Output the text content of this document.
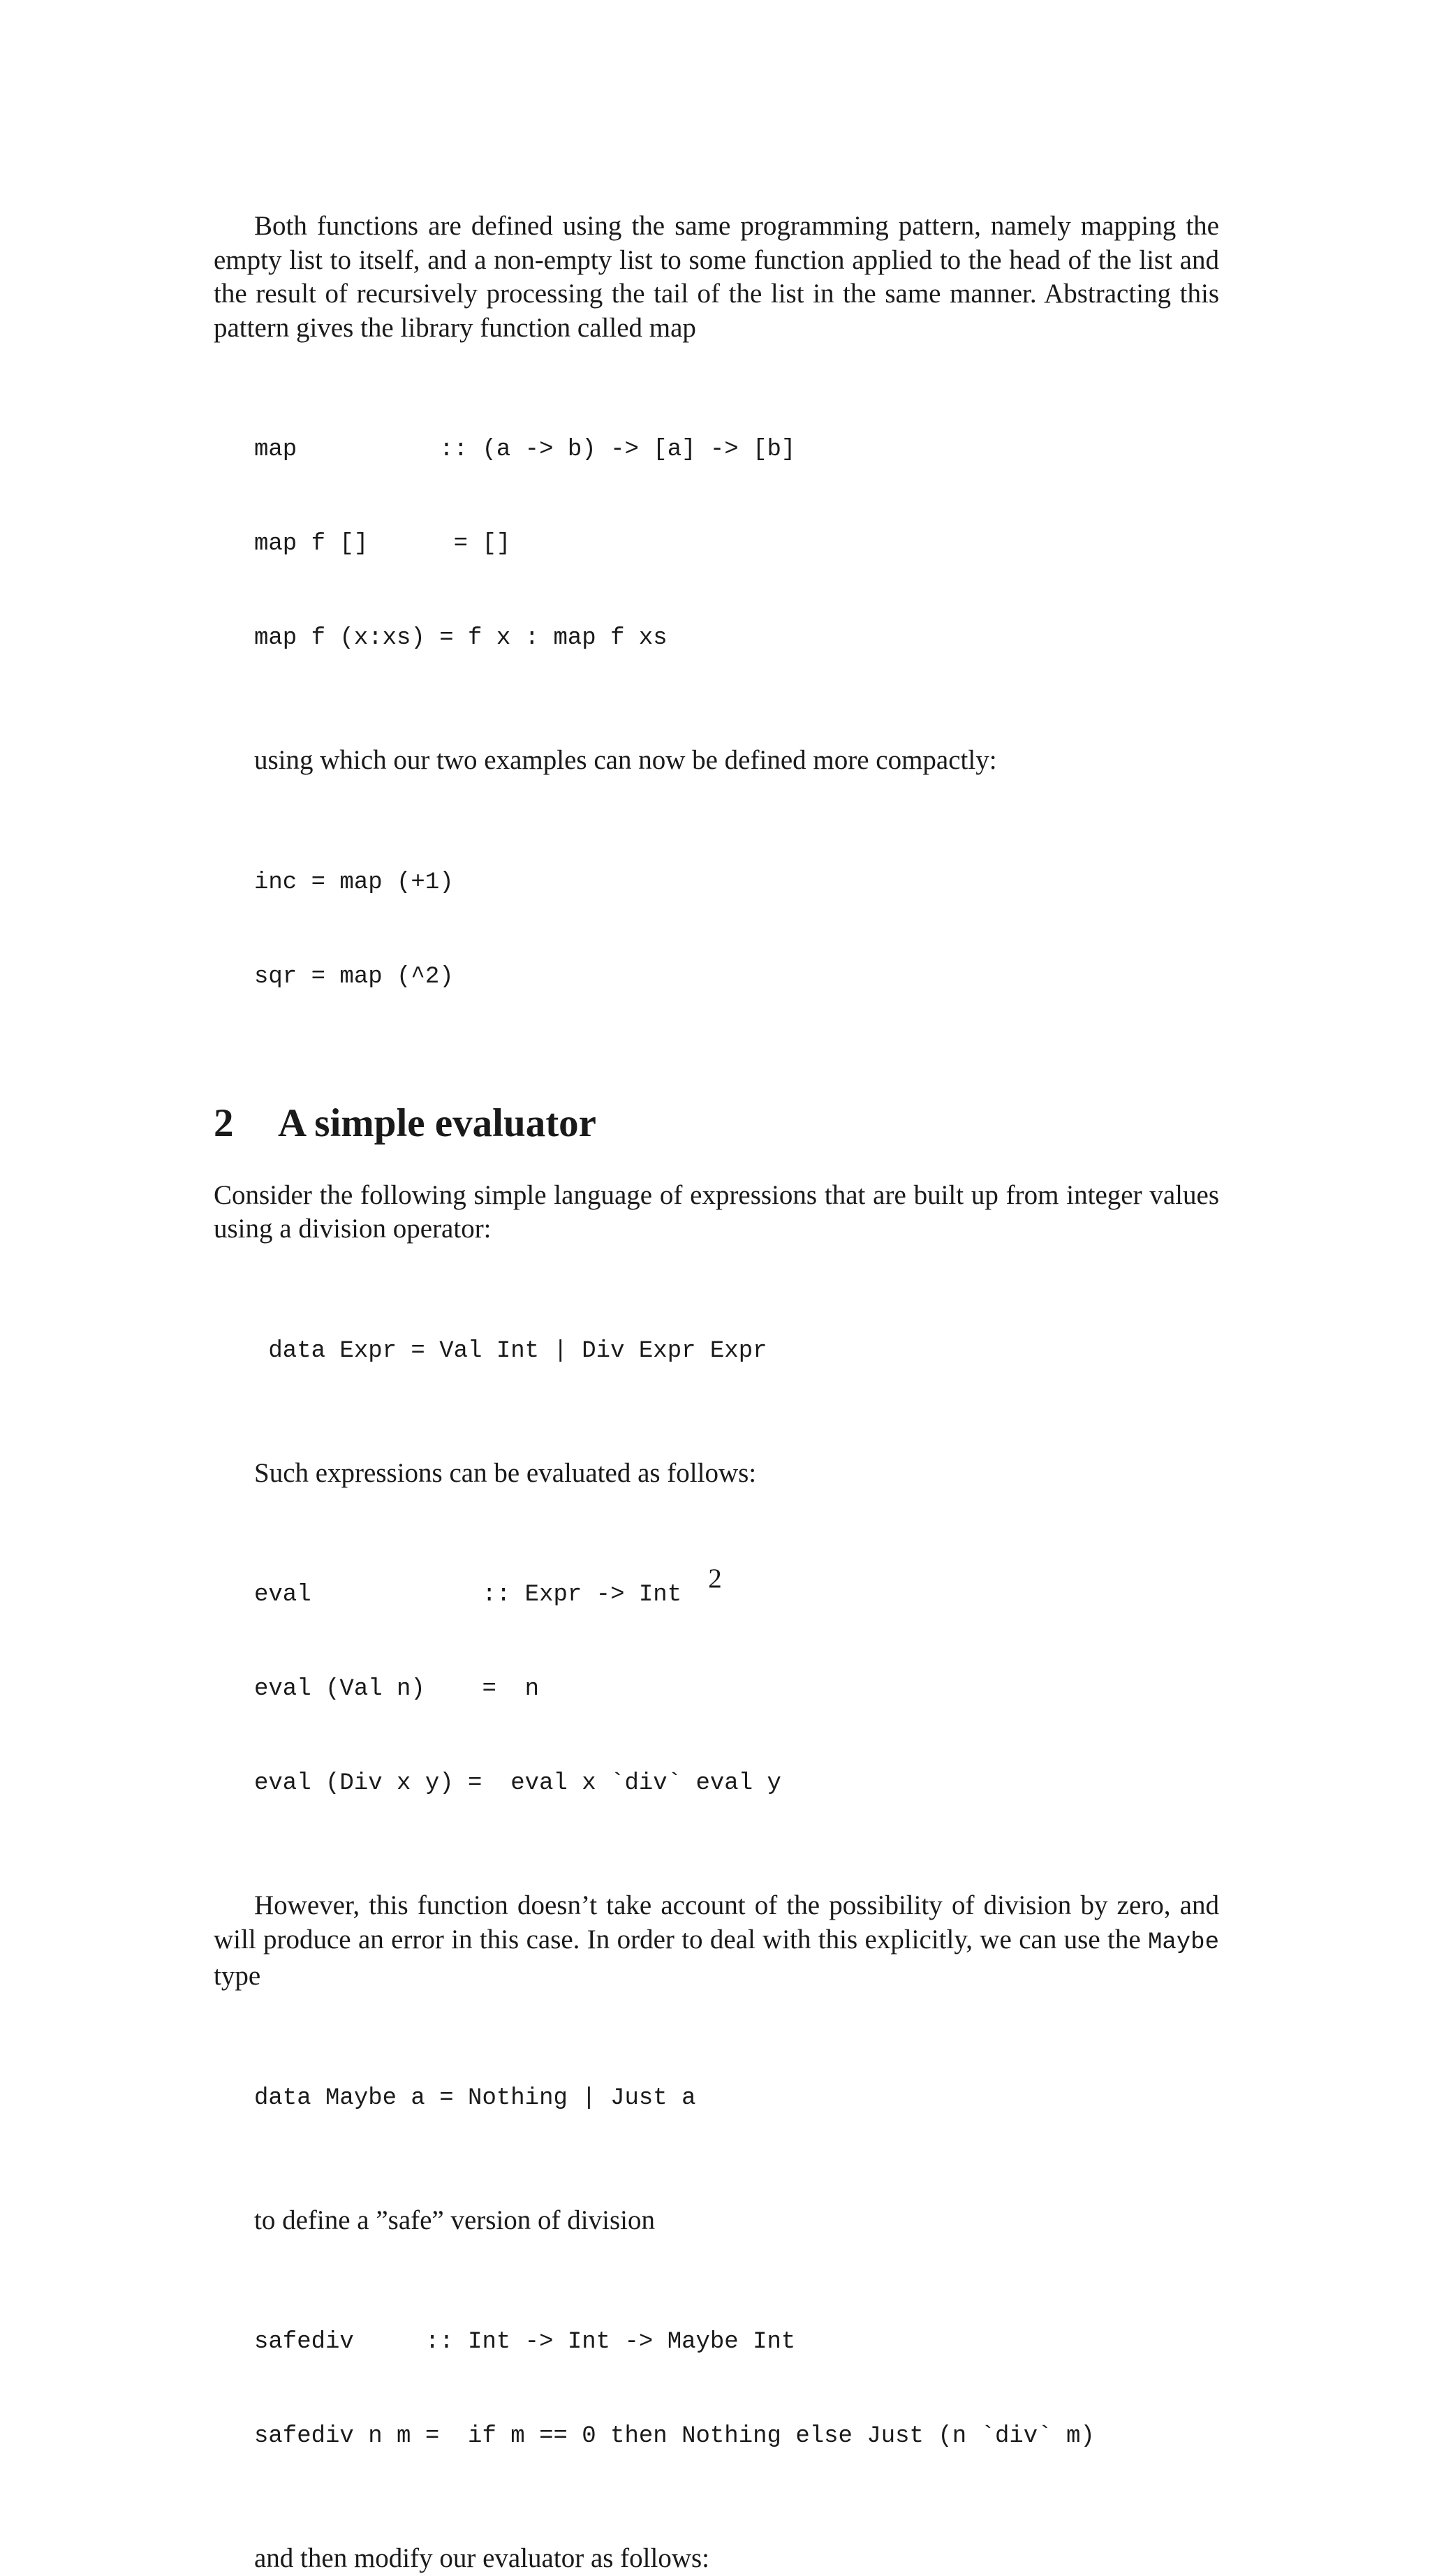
Both functions are defined using the same programming pattern, namely mapping the empty list to itself, and a non-empty list to some function applied to the head of the list and the result of recursively processing the tail of the list in the same manner. Abstracting this pattern gives the library function called map

map          :: (a -> b) -> [a] -> [b]

map f []      = []

map f (x:xs) = f x : map f xs

using which our two examples can now be defined more compactly:

inc = map (+1)

sqr = map (^2)

2	A simple evaluator

Consider the following simple language of expressions that are built up from integer values using a division operator:

data Expr = Val Int | Div Expr Expr

Such expressions can be evaluated as follows:

eval            :: Expr -> Int

eval (Val n)    =  n

eval (Div x y) =  eval x `div` eval y

However, this function doesn’t take account of the possibility of division by zero, and will produce an error in this case. In order to deal with this explicitly, we can use the Maybe type

data Maybe a = Nothing | Just a

to define a ”safe” version of division

safediv     :: Int -> Int -> Maybe Int

safediv n m =  if m == 0 then Nothing else Just (n `div` m)

and then modify our evaluator as follows:

2
